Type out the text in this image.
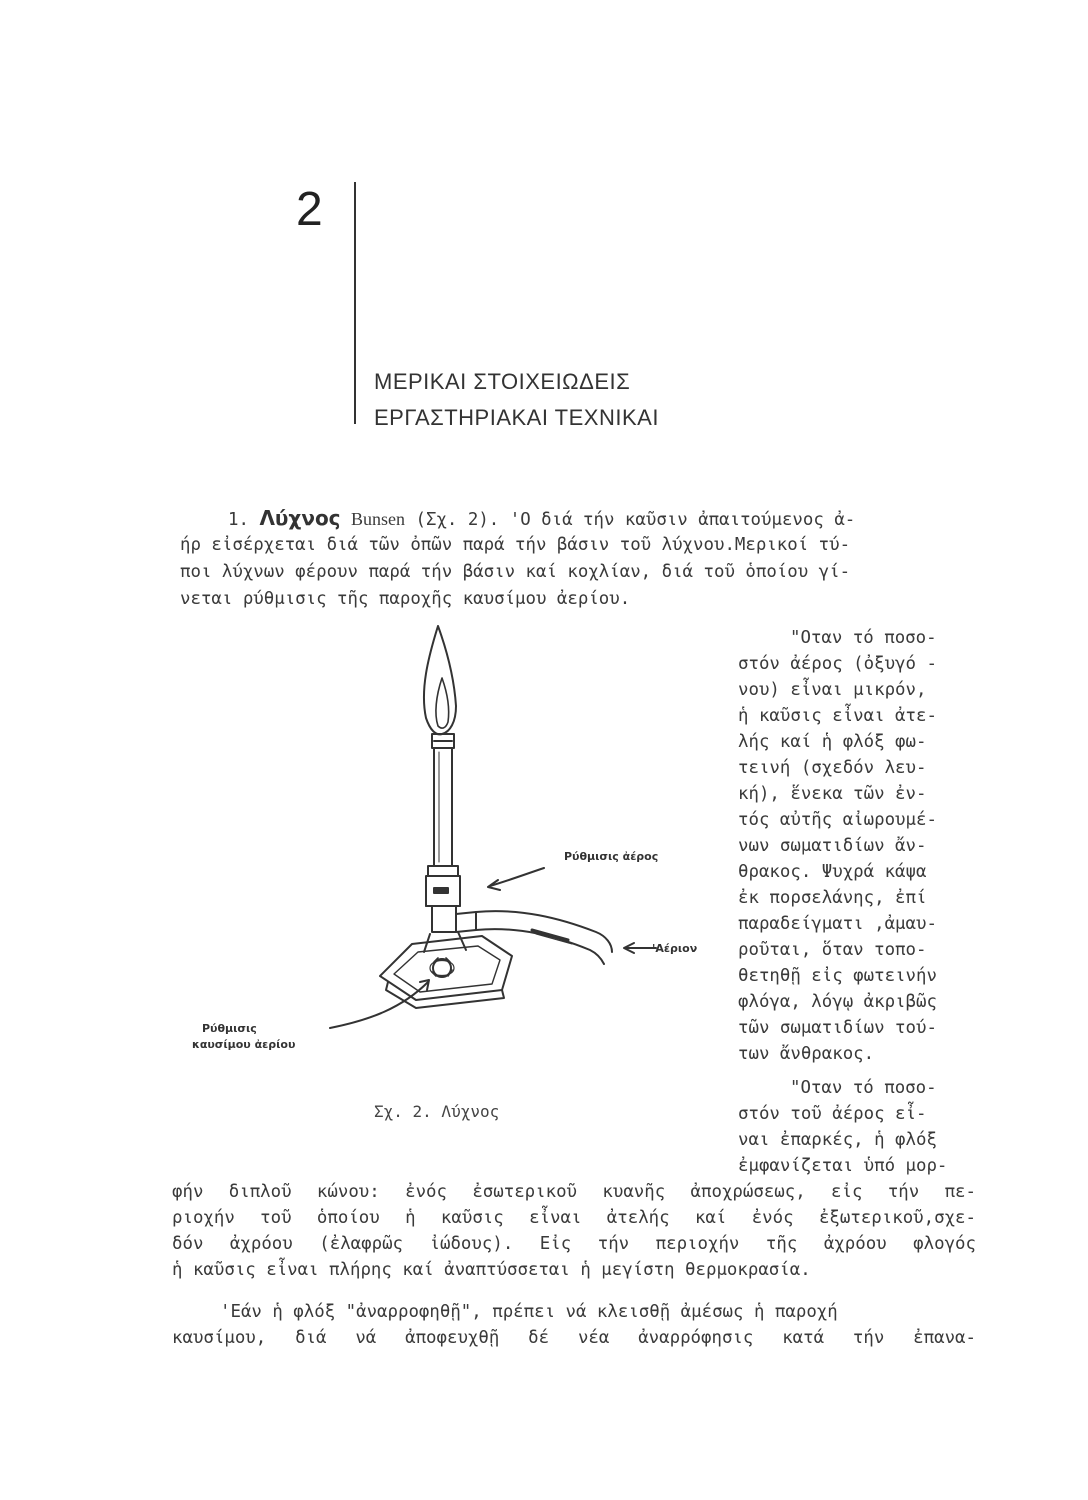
2
ΜΕΡΙΚΑΙ ΣΤΟΙΧΕΙΩΔΕΙΣ
ΕΡΓΑΣΤΗΡΙΑΚΑΙ ΤΕΧΝΙΚΑΙ
1. Λύχνος Bunsen (Σχ. 2). 'Ο διά τήν καῦσιν ἀπαιτούμενος ἀ-
ήρ εἰσέρχεται διά τῶν ὀπῶν παρά τήν βάσιν τοῦ λύχνου.Μερικοί τύ-
ποι λύχνων φέρουν παρά τήν βάσιν καί κοχλίαν, διά τοῦ ὁποίου γί-
νεται ρύθμισις τῆς παροχῆς καυσίμου ἀερίου.
"Οταν τό ποσο-
στόν ἀέρος (ὀξυγό -
νου) εἶναι μικρόν,
ἡ καῦσις εἶναι ἀτε-
λής καί ἡ φλόξ φω-
τεινή (σχεδόν λευ-
κή), ἕνεκα τῶν ἐν-
τός αὐτῆς αἰωρουμέ-
νων σωματιδίων ἄν-
θρακος. Ψυχρά κάψα
ἐκ πορσελάνης, ἐπί
παραδείγματι ,ἀμαυ-
ροῦται, ὅταν τοπο-
θετηθῇ εἰς φωτεινήν
φλόγα, λόγῳ ἀκριβῶς
τῶν σωματιδίων τού-
των ἄνθρακος.
"Οταν τό ποσο-
στόν τοῦ ἀέρος εἶ-
ναι ἐπαρκές, ἡ φλόξ
ἐμφανίζεται ὑπό μορ-
Ρύθμισις ἀέρος
'Αέριον
Ρύθμισις
καυσίμου ἀερίου
Σχ. 2. Λύχνος
φήν διπλοῦ κώνου: ἐνός ἐσωτερικοῦ κυανῆς ἀποχρώσεως, εἰς τήν πε-
ριοχήν τοῦ ὁποίου ἡ καῦσις εἶναι ἀτελής καί ἐνός ἐξωτερικοῦ,σχε-
δόν ἀχρόου (ἐλαφρῶς ἰώδους). Εἰς τήν περιοχήν τῆς ἀχρόου φλογός
ἡ καῦσις εἶναι πλήρης καί ἀναπτύσσεται ἡ μεγίστη θερμοκρασία.
'Εάν ἡ φλόξ "ἀναρροφηθῇ", πρέπει νά κλεισθῇ ἀμέσως ἡ παροχή
καυσίμου, διά νά ἀποφευχθῇ δέ νέα ἀναρρόφησις κατά τήν ἐπανα-
